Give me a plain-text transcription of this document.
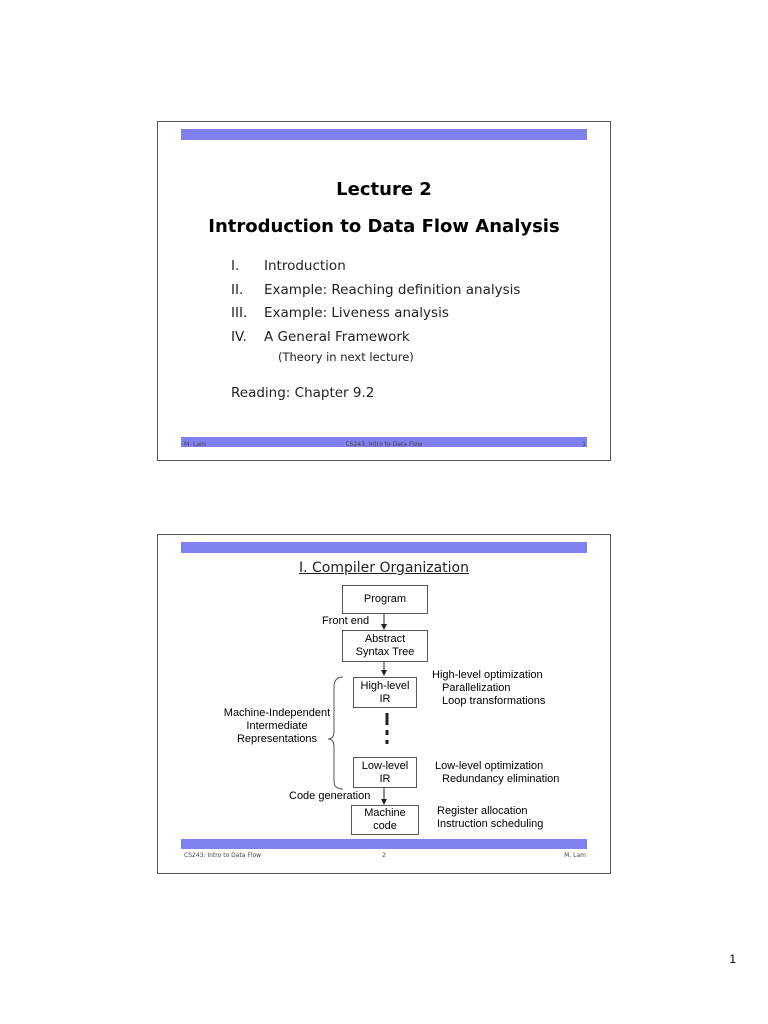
Lecture 2
Introduction to Data Flow Analysis
I. Introduction
II. Example: Reaching definition analysis
III. Example: Liveness analysis
IV. A General Framework
(Theory in next lecture)
Reading: Chapter 9.2
M. Lam	CS243: Intro to Data Flow	1
I. Compiler Organization
Program
Abstract
Syntax Tree
High-level
IR
Low-level
IR
Machine
code
Front end
Code generation
Machine-Independent
Intermediate
Representations
High-level optimization
Parallelization
Loop transformations
Low-level optimization
Redundancy elimination
Register allocation
Instruction scheduling
CS243: Intro to Data Flow	2	M. Lam
1
